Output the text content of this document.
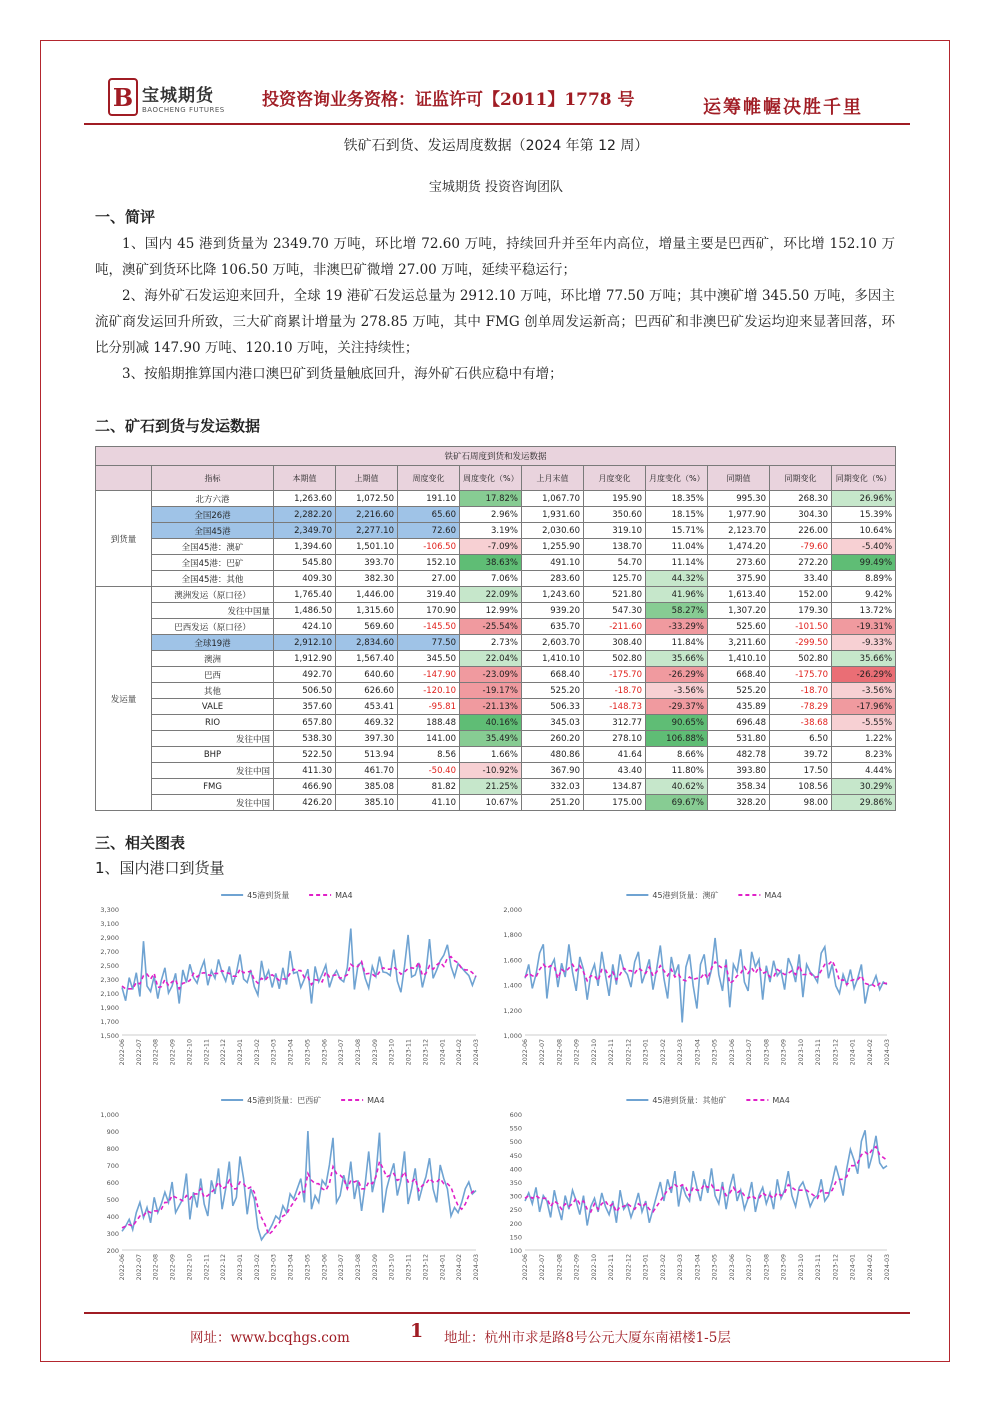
B 宝城期货
BAOCHENG FUTURES 投资咨询业务资格：证监许可【2011】1778 号	运筹帷幄决胜千里
铁矿石到货、发运周度数据（2024 年第 12 周）
宝城期货 投资咨询团队
一、简评
1、国内 45 港到货量为 2349.70 万吨，环比增 72.60 万吨，持续回升并至年内高位，增量主要是巴西矿，环比增 152.10 万吨，澳矿到货环比降 106.50 万吨，非澳巴矿微增 27.00 万吨，延续平稳运行；
2、海外矿石发运迎来回升，全球 19 港矿石发运总量为 2912.10 万吨，环比增 77.50 万吨；其中澳矿增 345.50 万吨，多因主流矿商发运回升所致，三大矿商累计增量为 278.85 万吨，其中 FMG 创单周发运新高；巴西矿和非澳巴矿发运均迎来显著回落，环比分别减 147.90 万吨、120.10 万吨，关注持续性；
3、按船期推算国内港口澳巴矿到货量触底回升，海外矿石供应稳中有增；
二、矿石到货与发运数据
铁矿石周度到货和发运数据											
	指标	本期值	上期值	周度变化	周度变化（%）	上月末值	月度变化	月度变化（%）	同期值	同期变化	同期变化（%）
到货量	北方六港	1,263.60	1,072.50	191.10	17.82%	1,067.70	195.90	18.35%	995.30	268.30	26.96%
	全国26港	2,282.20	2,216.60	65.60	2.96%	1,931.60	350.60	18.15%	1,977.90	304.30	15.39%
	全国45港	2,349.70	2,277.10	72.60	3.19%	2,030.60	319.10	15.71%	2,123.70	226.00	10.64%
	全国45港：澳矿	1,394.60	1,501.10	-106.50	-7.09%	1,255.90	138.70	11.04%	1,474.20	-79.60	-5.40%
	全国45港：巴矿	545.80	393.70	152.10	38.63%	491.10	54.70	11.14%	273.60	272.20	99.49%
	全国45港：其他	409.30	382.30	27.00	7.06%	283.60	125.70	44.32%	375.90	33.40	8.89%
发运量	澳洲发运（原口径）	1,765.40	1,446.00	319.40	22.09%	1,243.60	521.80	41.96%	1,613.40	152.00	9.42%
	发往中国量	1,486.50	1,315.60	170.90	12.99%	939.20	547.30	58.27%	1,307.20	179.30	13.72%
	巴西发运（原口径）	424.10	569.60	-145.50	-25.54%	635.70	-211.60	-33.29%	525.60	-101.50	-19.31%
	全球19港	2,912.10	2,834.60	77.50	2.73%	2,603.70	308.40	11.84%	3,211.60	-299.50	-9.33%
	澳洲	1,912.90	1,567.40	345.50	22.04%	1,410.10	502.80	35.66%	1,410.10	502.80	35.66%
	巴西	492.70	640.60	-147.90	-23.09%	668.40	-175.70	-26.29%	668.40	-175.70	-26.29%
	其他	506.50	626.60	-120.10	-19.17%	525.20	-18.70	-3.56%	525.20	-18.70	-3.56%
	VALE	357.60	453.41	-95.81	-21.13%	506.33	-148.73	-29.37%	435.89	-78.29	-17.96%
	RIO	657.80	469.32	188.48	40.16%	345.03	312.77	90.65%	696.48	-38.68	-5.55%
	发往中国	538.30	397.30	141.00	35.49%	260.20	278.10	106.88%	531.80	6.50	1.22%
	BHP	522.50	513.94	8.56	1.66%	480.86	41.64	8.66%	482.78	39.72	8.23%
	发往中国	411.30	461.70	-50.40	-10.92%	367.90	43.40	11.80%	393.80	17.50	4.44%
	FMG	466.90	385.08	81.82	21.25%	332.03	134.87	40.62%	358.34	108.56	30.29%
	发往中国	426.20	385.10	41.10	10.67%	251.20	175.00	69.67%	328.20	98.00	29.86%
三、相关图表
1、国内港口到货量
45港到货量	MA4
3,300
3,100
2,900
2,700
2,500
2,300
2,100
1,900
1,700
1,500
2022-06 2022-07 2022-08 2022-09 2022-10 2022-11 2022-12 2023-01 2023-02 2023-03 2023-04 2023-05 2023-06 2023-07 2023-08 2023-09 2023-10 2023-11 2023-12 2024-01 2024-02 2024-03
45港到货量：澳矿	MA4
2,000
1,800
1,600
1,400
1,200
1,000
2022-06 2022-07 2022-08 2022-09 2022-10 2022-11 2022-12 2023-01 2023-02 2023-03 2023-04 2023-05 2023-06 2023-07 2023-08 2023-09 2023-10 2023-11 2023-12 2024-01 2024-02 2024-03
45港到货量：巴西矿	MA4
1,000
900
800
700
600
500
400
300
200
2022-06 2022-07 2022-08 2022-09 2022-10 2022-11 2022-12 2023-01 2023-02 2023-03 2023-04 2023-05 2023-06 2023-07 2023-08 2023-09 2023-10 2023-11 2023-12 2024-01 2024-02 2024-03
45港到货量：其他矿	MA4
600
550
500
450
400
350
300
250
200
150
100
2022-06 2022-07 2022-08 2022-09 2022-10 2022-11 2022-12 2023-01 2023-02 2023-03 2023-04 2023-05 2023-06 2023-07 2023-08 2023-09 2023-10 2023-11 2023-12 2024-01 2024-02 2024-03
网址：www.bcqhgs.com	1 地址：杭州市求是路8号公元大厦东南裙楼1-5层
